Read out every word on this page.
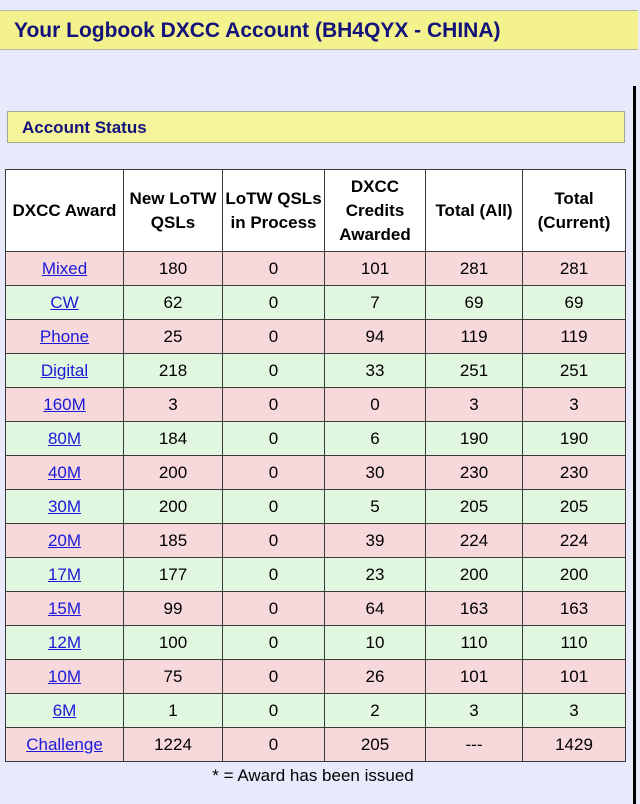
Your Logbook DXCC Account (BH4QYX - CHINA)
Account Status
DXCC Award	New LoTW QSLs	LoTW QSLs in Process	DXCC Credits Awarded	Total (All)	Total (Current)
Mixed	180	0	101	281	281
CW	62	0	7	69	69
Phone	25	0	94	119	119
Digital	218	0	33	251	251
160M	3	0	0	3	3
80M	184	0	6	190	190
40M	200	0	30	230	230
30M	200	0	5	205	205
20M	185	0	39	224	224
17M	177	0	23	200	200
15M	99	0	64	163	163
12M	100	0	10	110	110
10M	75	0	26	101	101
6M	1	0	2	3	3
Challenge	1224	0	205	---	1429
* = Award has been issued
